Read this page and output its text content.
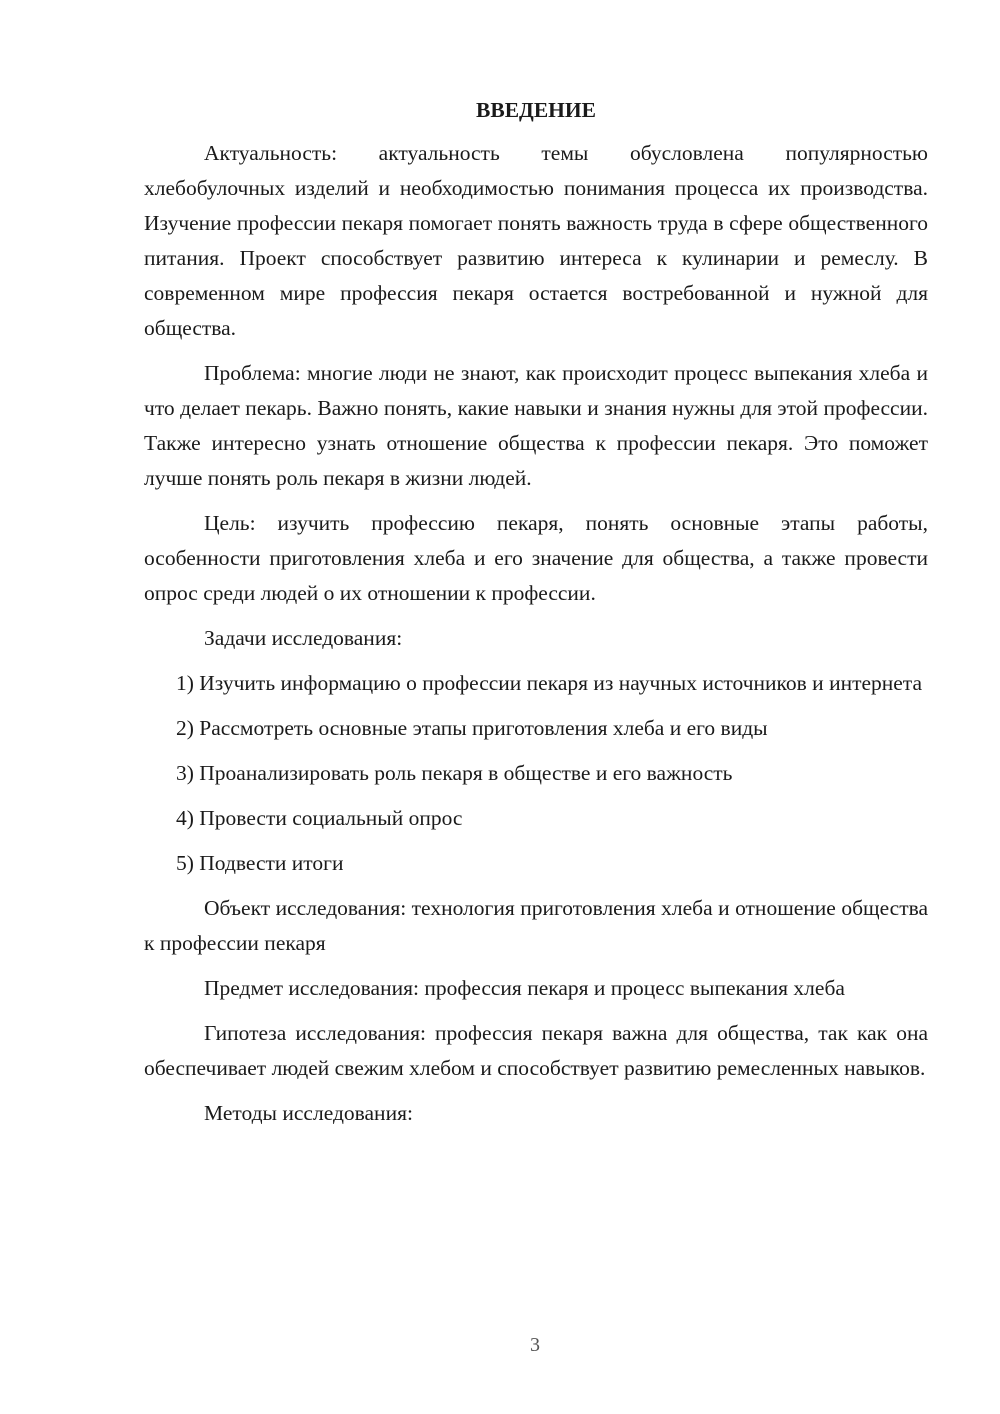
ВВЕДЕНИЕ

Актуальность: актуальность темы обусловлена популярностью хлебобулочных изделий и необходимостью понимания процесса их производства. Изучение профессии пекаря помогает понять важность труда в сфере общественного питания. Проект способствует развитию интереса к кулинарии и ремеслу. В современном мире профессия пекаря остается востребованной и нужной для общества.

Проблема: многие люди не знают, как происходит процесс выпекания хлеба и что делает пекарь. Важно понять, какие навыки и знания нужны для этой профессии. Также интересно узнать отношение общества к профессии пекаря. Это поможет лучше понять роль пекаря в жизни людей.

Цель: изучить профессию пекаря, понять основные этапы работы, особенности приготовления хлеба и его значение для общества, а также провести опрос среди людей о их отношении к профессии.

Задачи исследования:

1) Изучить информацию о профессии пекаря из научных источников и интернета

2) Рассмотреть основные этапы приготовления хлеба и его виды

3) Проанализировать роль пекаря в обществе и его важность

4) Провести социальный опрос

5) Подвести итоги

Объект исследования: технология приготовления хлеба и отношение общества к профессии пекаря

Предмет исследования: профессия пекаря и процесс выпекания хлеба

Гипотеза исследования: профессия пекаря важна для общества, так как она обеспечивает людей свежим хлебом и способствует развитию ремесленных навыков.

Методы исследования:

3
